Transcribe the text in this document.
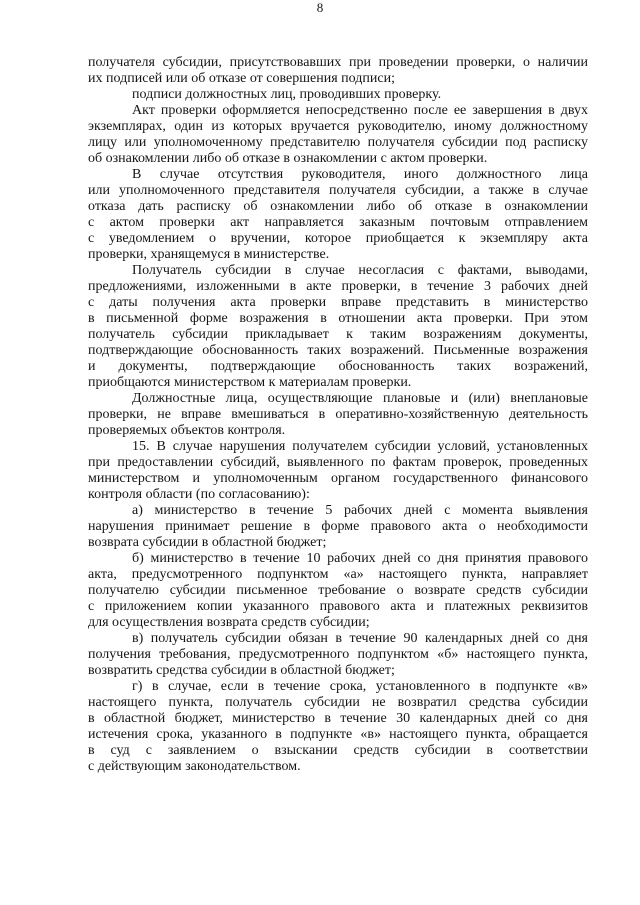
8
получателя субсидии, присутствовавших при проведении проверки, о наличии
их подписей или об отказе от совершения подписи;
подписи должностных лиц, проводивших проверку.
Акт проверки оформляется непосредственно после ее завершения в двух
экземплярах, один из которых вручается руководителю, иному должностному
лицу или уполномоченному представителю получателя субсидии под расписку
об ознакомлении либо об отказе в ознакомлении с актом проверки.
В случае отсутствия руководителя, иного должностного лица
или уполномоченного представителя получателя субсидии, а также в случае
отказа дать расписку об ознакомлении либо об отказе в ознакомлении
с актом проверки акт направляется заказным почтовым отправлением
с уведомлением о вручении, которое приобщается к экземпляру акта
проверки, хранящемуся в министерстве.
Получатель субсидии в случае несогласия с фактами, выводами,
предложениями, изложенными в акте проверки, в течение 3 рабочих дней
с даты получения акта проверки вправе представить в министерство
в письменной форме возражения в отношении акта проверки. При этом
получатель субсидии прикладывает к таким возражениям документы,
подтверждающие обоснованность таких возражений. Письменные возражения
и документы, подтверждающие обоснованность таких возражений,
приобщаются министерством к материалам проверки.
Должностные лица, осуществляющие плановые и (или) внеплановые
проверки, не вправе вмешиваться в оперативно-хозяйственную деятельность
проверяемых объектов контроля.
15. В случае нарушения получателем субсидии условий, установленных
при предоставлении субсидий, выявленного по фактам проверок, проведенных
министерством и уполномоченным органом государственного финансового
контроля области (по согласованию):
а) министерство в течение 5 рабочих дней с момента выявления
нарушения принимает решение в форме правового акта о необходимости
возврата субсидии в областной бюджет;
б) министерство в течение 10 рабочих дней со дня принятия правового
акта, предусмотренного подпунктом «а» настоящего пункта, направляет
получателю субсидии письменное требование о возврате средств субсидии
с приложением копии указанного правового акта и платежных реквизитов
для осуществления возврата средств субсидии;
в) получатель субсидии обязан в течение 90 календарных дней со дня
получения требования, предусмотренного подпунктом «б» настоящего пункта,
возвратить средства субсидии в областной бюджет;
г) в случае, если в течение срока, установленного в подпункте «в»
настоящего пункта, получатель субсидии не возвратил средства субсидии
в областной бюджет, министерство в течение 30 календарных дней со дня
истечения срока, указанного в подпункте «в» настоящего пункта, обращается
в суд с заявлением о взыскании средств субсидии в соответствии
с действующим законодательством.
